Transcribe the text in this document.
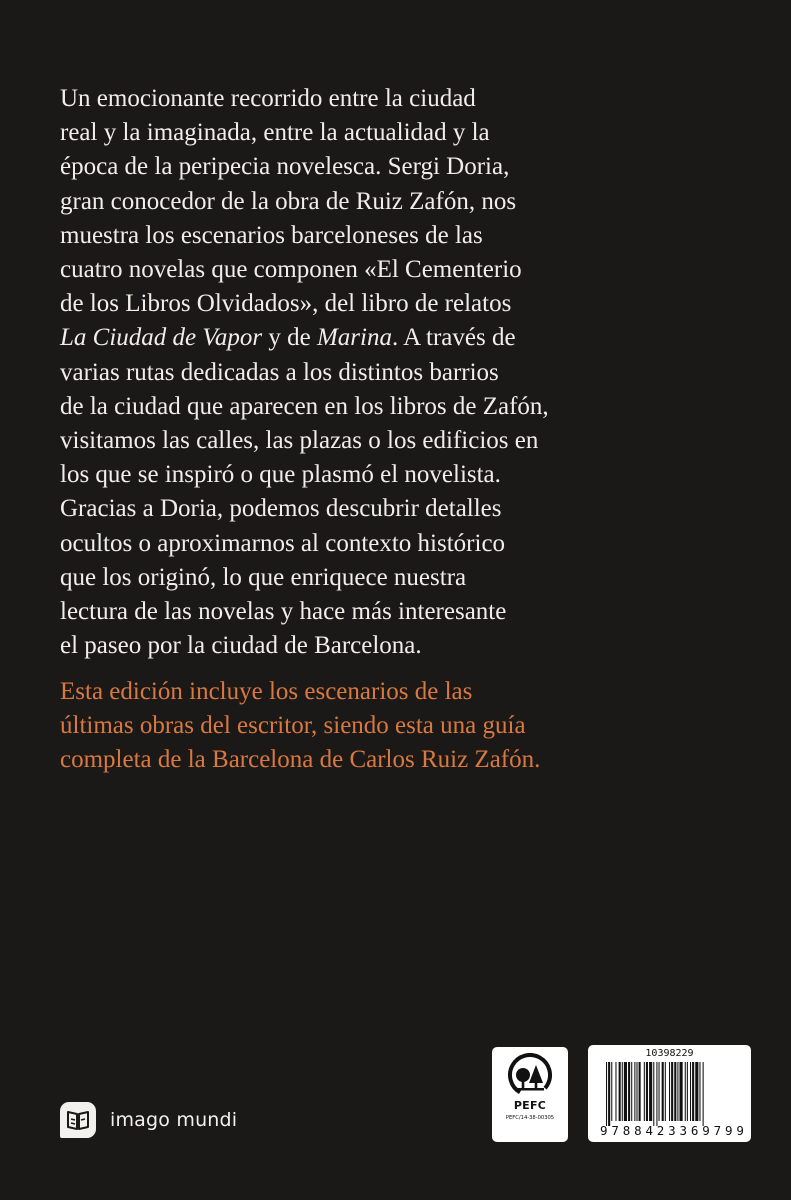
Un emocionante recorrido entre la ciudad
real y la imaginada, entre la actualidad y la
época de la peripecia novelesca. Sergi Doria,
gran conocedor de la obra de Ruiz Zafón, nos
muestra los escenarios barceloneses de las
cuatro novelas que componen «El Cementerio
de los Libros Olvidados», del libro de relatos
La Ciudad de Vapor y de Marina. A través de
varias rutas dedicadas a los distintos barrios
de la ciudad que aparecen en los libros de Zafón,
visitamos las calles, las plazas o los edificios en
los que se inspiró o que plasmó el novelista.
Gracias a Doria, podemos descubrir detalles
ocultos o aproximarnos al contexto histórico
que los originó, lo que enriquece nuestra
lectura de las novelas y hace más interesante
el paseo por la ciudad de Barcelona.

Esta edición incluye los escenarios de las
últimas obras del escritor, siendo esta una guía
completa de la Barcelona de Carlos Ruiz Zafón.

imago mundi
PEFC
PEFC/14-38-00305
10398229
9 7 8 8 4 2 3 3 6 9 7 9 9
